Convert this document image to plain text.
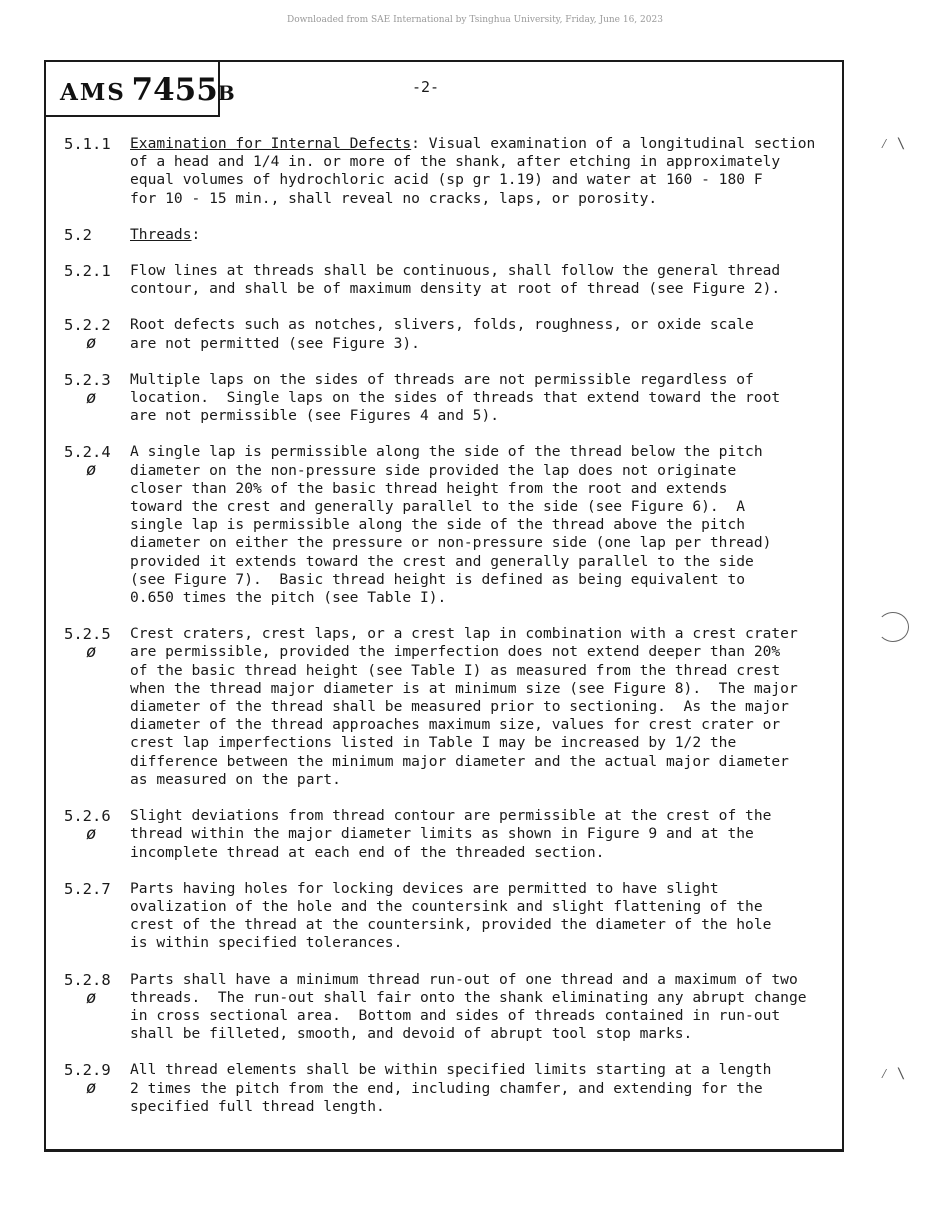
Downloaded from SAE International by Tsinghua University, Friday, June 16, 2023
AMS 7455B	-2-
5.1.1	Examination for Internal Defects: Visual examination of a longitudinal section
of a head and 1/4 in. or more of the shank, after etching in approximately
equal volumes of hydrochloric acid (sp gr 1.19) and water at 160 - 180 F
for 10 - 15 min., shall reveal no cracks, laps, or porosity.
5.2	Threads:
5.2.1	Flow lines at threads shall be continuous, shall follow the general thread
contour, and shall be of maximum density at root of thread (see Figure 2).
5.2.2
ø
Root defects such as notches, slivers, folds, roughness, or oxide scale
are not permitted (see Figure 3).
5.2.3
ø
Multiple laps on the sides of threads are not permissible regardless of
location.  Single laps on the sides of threads that extend toward the root
are not permissible (see Figures 4 and 5).
5.2.4
ø
A single lap is permissible along the side of the thread below the pitch
diameter on the non-pressure side provided the lap does not originate
closer than 20% of the basic thread height from the root and extends
toward the crest and generally parallel to the side (see Figure 6).  A
single lap is permissible along the side of the thread above the pitch
diameter on either the pressure or non-pressure side (one lap per thread)
provided it extends toward the crest and generally parallel to the side
(see Figure 7).  Basic thread height is defined as being equivalent to
0.650 times the pitch (see Table I).
5.2.5
ø
Crest craters, crest laps, or a crest lap in combination with a crest crater
are permissible, provided the imperfection does not extend deeper than 20%
of the basic thread height (see Table I) as measured from the thread crest
when the thread major diameter is at minimum size (see Figure 8).  The major
diameter of the thread shall be measured prior to sectioning.  As the major
diameter of the thread approaches maximum size, values for crest crater or
crest lap imperfections listed in Table I may be increased by 1/2 the
difference between the minimum major diameter and the actual major diameter
as measured on the part.
5.2.6
ø
Slight deviations from thread contour are permissible at the crest of the
thread within the major diameter limits as shown in Figure 9 and at the
incomplete thread at each end of the threaded section.
5.2.7	Parts having holes for locking devices are permitted to have slight
ovalization of the hole and the countersink and slight flattening of the
crest of the thread at the countersink, provided the diameter of the hole
is within specified tolerances.
5.2.8
ø
Parts shall have a minimum thread run-out of one thread and a maximum of two
threads.  The run-out shall fair onto the shank eliminating any abrupt change
in cross sectional area.  Bottom and sides of threads contained in run-out
shall be filleted, smooth, and devoid of abrupt tool stop marks.
5.2.9
ø
All thread elements shall be within specified limits starting at a length
2 times the pitch from the end, including chamfer, and extending for the
specified full thread length.
⁄ \
⁄ \
